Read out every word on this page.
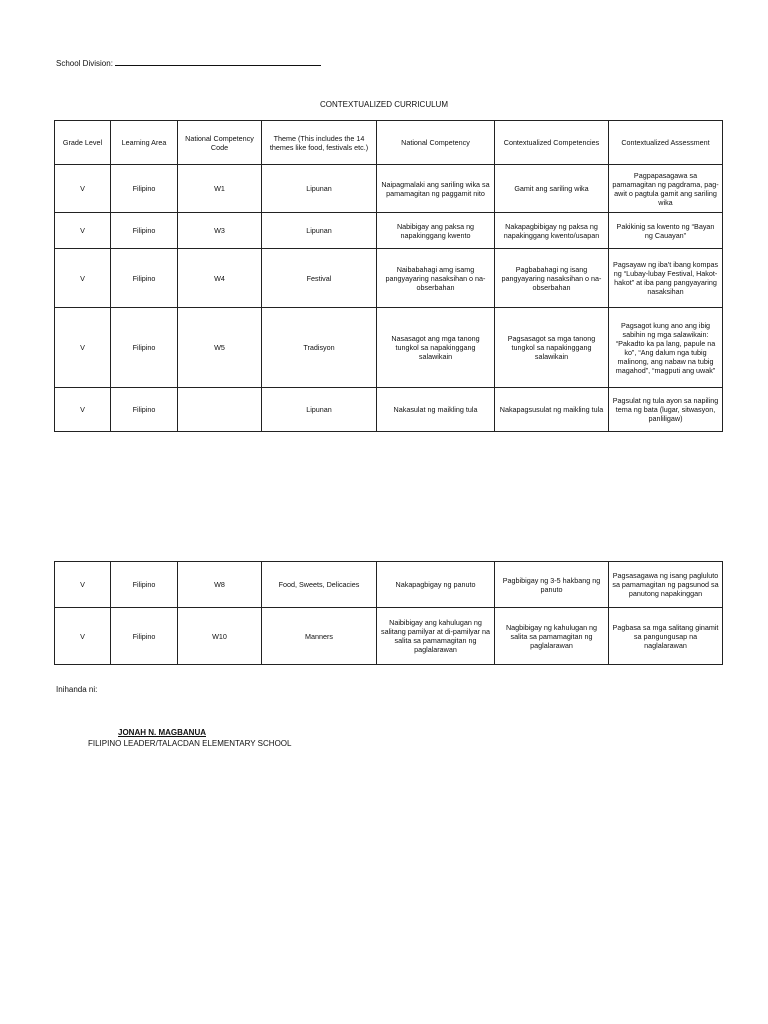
School Division:
CONTEXTUALIZED CURRICULUM
Grade Level	Learning Area	National Competency Code	Theme (This includes the 14 themes like food, festivals etc.)	National Competency	Contextualized Competencies	Contextualized Assessment
V	Filipino	W1	Lipunan	Naipagmalaki ang sariling wika sa pamamagitan ng paggamit nito	Gamit ang sariling wika	Pagpapasagawa sa pamamagitan ng pagdrama, pag-awit o pagtula gamit ang sariling wika
V	Filipino	W3	Lipunan	Nabibigay ang paksa ng napakinggang kwento	Nakapagbibigay ng paksa ng napakinggang kwento/usapan	Pakikinig sa kwento ng “Bayan ng Cauayan”
V	Filipino	W4	Festival	Naibabahagi amg isamg pangyayaring nasaksihan o na-obserbahan	Pagbabahagi ng isang pangyayaring nasaksihan o na-obserbahan	Pagsayaw ng iba’t ibang kompas ng “Lubay-lubay Festival, Hakot-hakot” at iba pang pangyayaring nasaksihan
V	Filipino	W5	Tradisyon	Nasasagot ang mga tanong tungkol sa napakinggang salawikain	Pagsasagot sa mga tanong tungkol sa napakinggang salawikain	Pagsagot kung ano ang ibig sabihin ng mga salawikain: “Pakadto ka pa lang, papule na ko”, “Ang dalum nga tubig malinong, ang nabaw na tubig magahod”, “magputi ang uwak”
V	Filipino		Lipunan	Nakasulat ng maikling tula	Nakapagsusulat ng maikling tula	Pagsulat ng tula ayon sa napiling tema ng bata (lugar, sitwasyon, panliligaw)
V	Filipino	W8	Food, Sweets, Delicacies	Nakapagbigay ng panuto	Pagbibigay ng 3-5 hakbang ng panuto	Pagsasagawa ng isang pagluluto sa pamamagitan ng pagsunod sa panutong napakinggan
V	Filipino	W10	Manners	Naibibigay ang kahulugan ng salitang pamilyar at di-pamilyar na salita sa pamamagitan ng paglalarawan	Nagbibigay ng kahulugan ng salita sa pamamagitan ng paglalarawan	Pagbasa sa mga salitang ginamit sa pangungusap na naglalarawan
Inihanda ni:
JONAH N. MAGBANUA
FILIPINO LEADER/TALACDAN ELEMENTARY SCHOOL
